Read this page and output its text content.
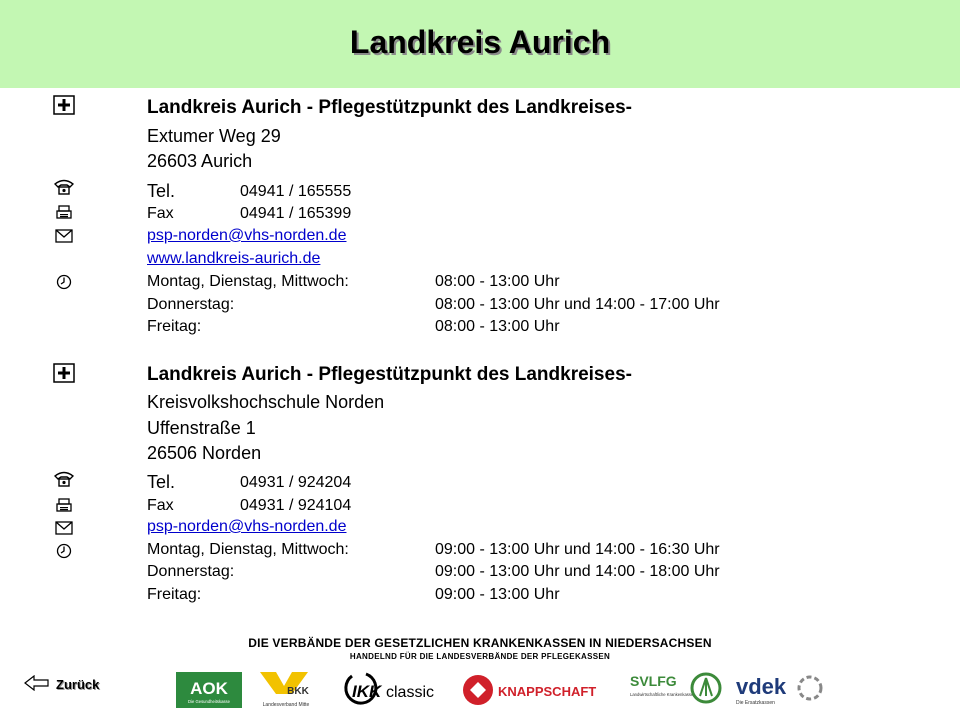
Landkreis Aurich
Landkreis Aurich - Pflegestützpunkt des Landkreises-
Extumer Weg 29
26603 Aurich
Tel.	04941 / 165555
Fax	04941 / 165399
psp-norden@vhs-norden.de
www.landkreis-aurich.de
Montag, Dienstag, Mittwoch:	08:00 - 13:00 Uhr
Donnerstag:	08:00 - 13:00 Uhr und 14:00 - 17:00 Uhr
Freitag:	08:00 - 13:00 Uhr
Landkreis Aurich - Pflegestützpunkt des Landkreises-
Kreisvolkshochschule Norden
Uffenstraße 1
26506 Norden
Tel.	04931 / 924204
Fax	04931 / 924104
psp-norden@vhs-norden.de
Montag, Dienstag, Mittwoch:	09:00 - 13:00 Uhr und 14:00 - 16:30 Uhr
Donnerstag:	09:00 - 13:00 Uhr und 14:00 - 18:00 Uhr
Freitag:	09:00 - 13:00 Uhr
DIE VERBÄNDE DER GESETZLICHEN KRANKENKASSEN IN NIEDERSACHSEN
HANDELND FÜR DIE LANDESVERBÄNDE DER PFLEGEKASSEN
Zurück	AOK
Die Gesundheitskasse
BKK
Landesverband Mitte
IKK classic	KNAPPSCHAFT
SVLFG
Landwirtschaftliche Krankenkasse vdek
Die Ersatzkassen
